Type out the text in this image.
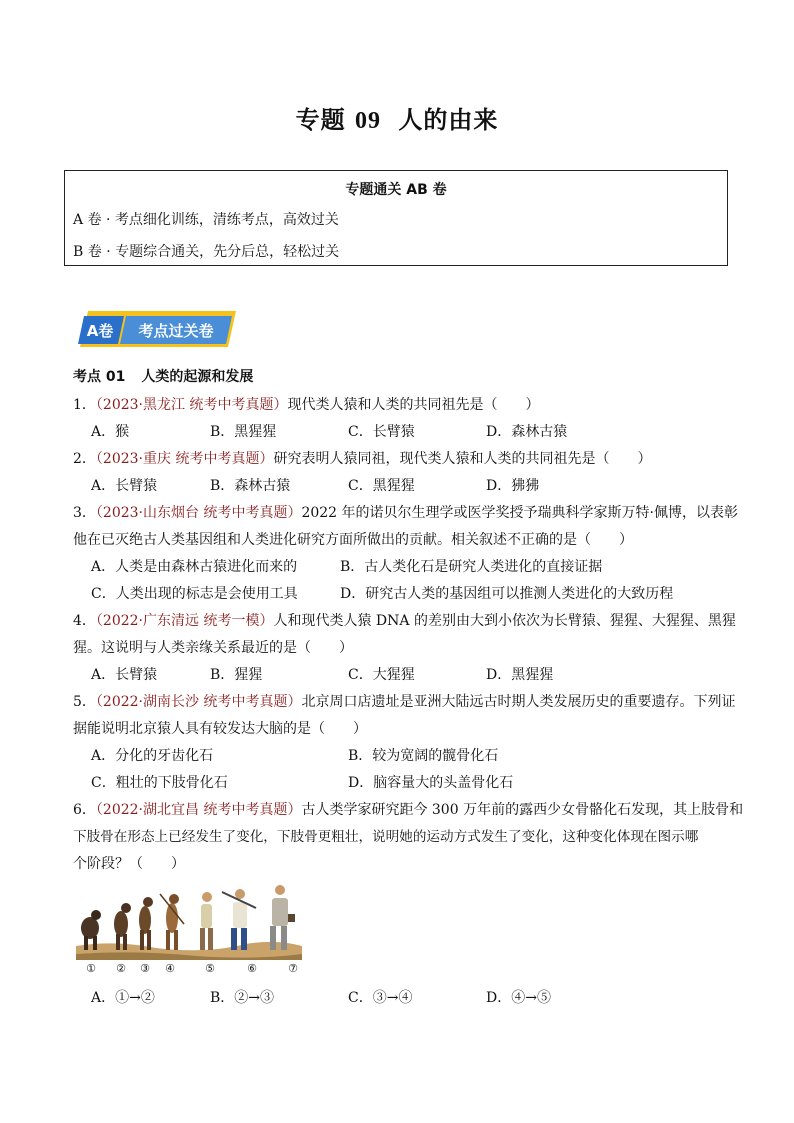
专题 09 人的由来
专题通关 AB 卷
A 卷 · 考点细化训练，清练考点，高效过关
B 卷 · 专题综合通关，先分后总，轻松过关
A卷 考点过关卷
考点 01 人类的起源和发展
1．（2023·黑龙江 统考中考真题）现代类人猿和人类的共同祖先是（　　）
A．猴	B．黑猩猩	C．长臂猿	D．森林古猿
2．（2023·重庆 统考中考真题）研究表明人猿同祖，现代类人猿和人类的共同祖先是（　　）
A．长臂猿	B．森林古猿	C．黑猩猩	D．狒狒
3．（2023·山东烟台 统考中考真题）2022 年的诺贝尔生理学或医学奖授予瑞典科学家斯万特·佩博，以表彰
他在已灭绝古人类基因组和人类进化研究方面所做出的贡献。相关叙述不正确的是（　　）
A．人类是由森林古猿进化而来的	B．古人类化石是研究人类进化的直接证据
C．人类出现的标志是会使用工具	D．研究古人类的基因组可以推测人类进化的大致历程
4．（2022·广东清远 统考一模）人和现代类人猿 DNA 的差别由大到小依次为长臂猿、猩猩、大猩猩、黑猩
猩。这说明与人类亲缘关系最近的是（　　）
A．长臂猿	B．猩猩	C．大猩猩	D．黑猩猩
5．（2022·湖南长沙 统考中考真题）北京周口店遗址是亚洲大陆远古时期人类发展历史的重要遗存。下列证
据能说明北京猿人具有较发达大脑的是（　　）
A．分化的牙齿化石	B．较为宽阔的髋骨化石
C．粗壮的下肢骨化石	D．脑容量大的头盖骨化石
6．（2022·湖北宜昌 统考中考真题）古人类学家研究距今 300 万年前的露西少女骨骼化石发现，其上肢骨和
下肢骨在形态上已经发生了变化，下肢骨更粗壮，说明她的运动方式发生了变化，这种变化体现在图示哪
个阶段？（　　）
① ② ③ ④	⑤	⑥	⑦
A．①→②	B．②→③	C．③→④	D．④→⑤
